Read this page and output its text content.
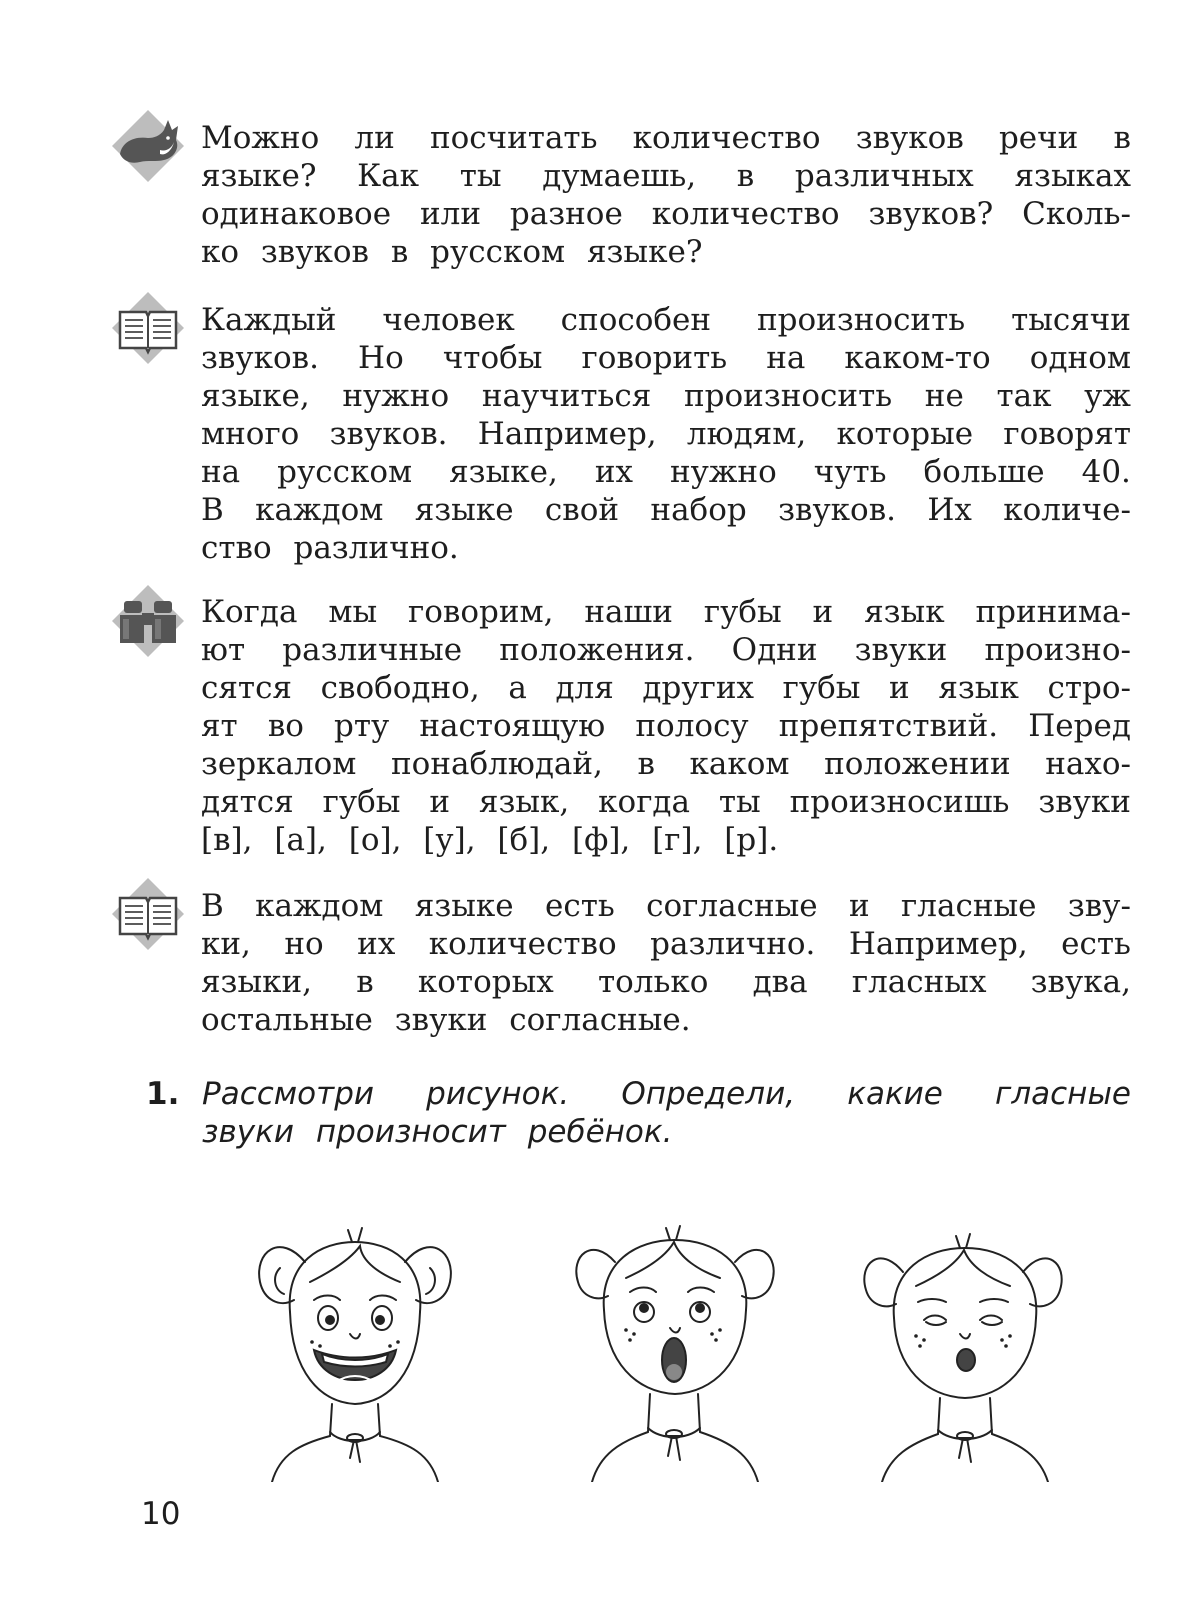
Можно ли посчитать количество звуков речи в
языке? Как ты думаешь, в различных языках
одинаковое или разное количество звуков? Сколь-
ко звуков в русском языке?
Каждый человек способен произносить тысячи
звуков. Но чтобы говорить на каком-то одном
языке, нужно научиться произносить не так уж
много звуков. Например, людям, которые говорят
на русском языке, их нужно чуть больше 40.
В каждом языке свой набор звуков. Их количе-
ство различно.
Когда мы говорим, наши губы и язык принима-
ют различные положения. Одни звуки произно-
сятся свободно, а для других губы и язык стро-
ят во рту настоящую полосу препятствий. Перед
зеркалом понаблюдай, в каком положении нахо-
дятся губы и язык, когда ты произносишь звуки
[в], [а], [о], [у], [б], [ф], [г], [р].
В каждом языке есть согласные и гласные зву-
ки, но их количество различно. Например, есть
языки, в которых только два гласных звука,
остальные звуки согласные.
1. Рассмотри рисунок. Определи, какие гласные
звуки произносит ребёнок.
10
